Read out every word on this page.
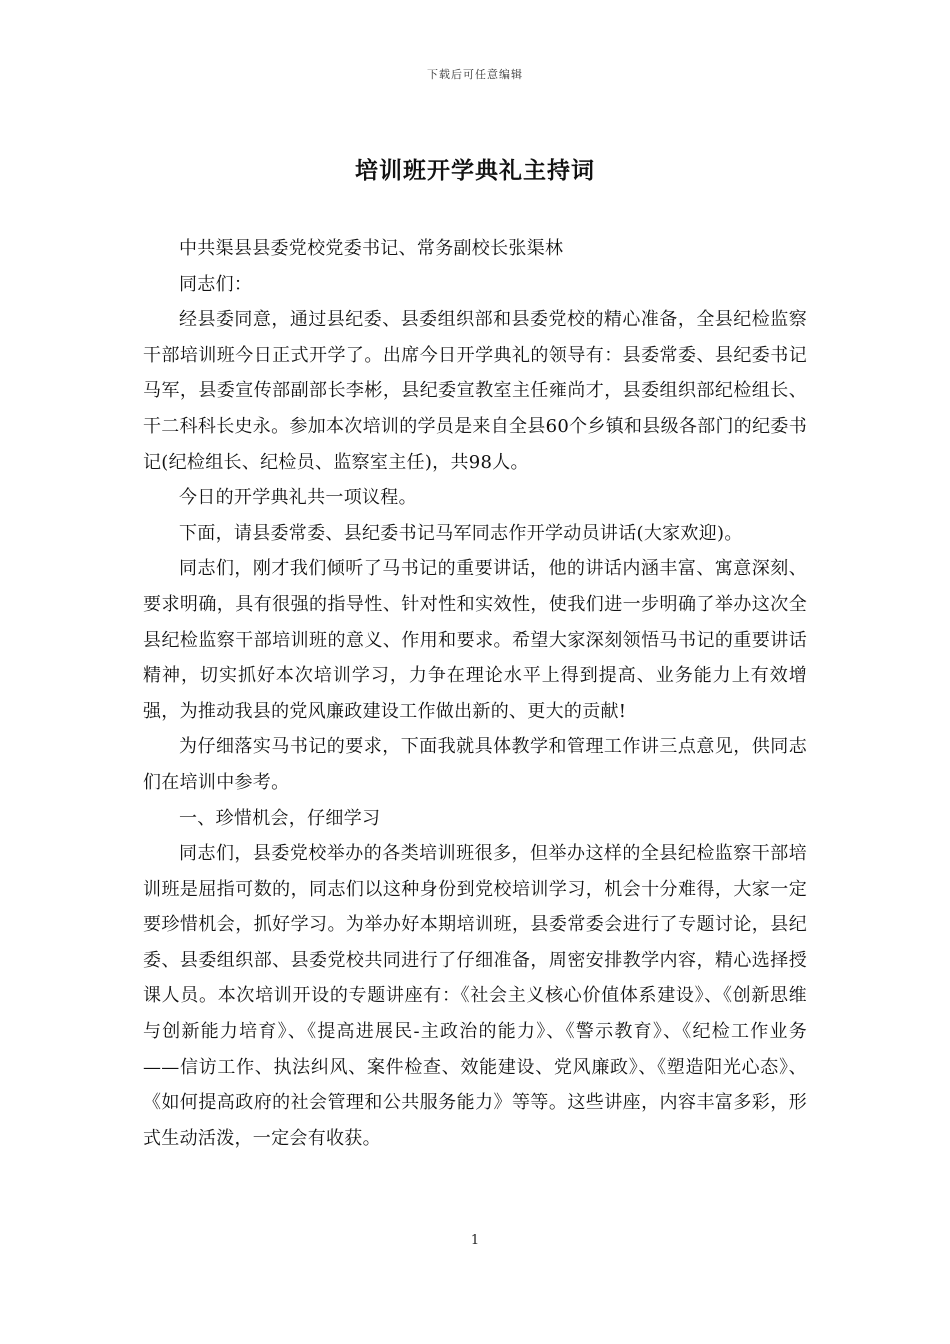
下载后可任意编辑
培训班开学典礼主持词

中共渠县县委党校党委书记、常务副校长张渠林

同志们：

经县委同意，通过县纪委、县委组织部和县委党校的精心准备，全县纪检监察干部培训班今日正式开学了。出席今日开学典礼的领导有：县委常委、县纪委书记马军，县委宣传部副部长李彬，县纪委宣教室主任雍尚才，县委组织部纪检组长、干二科科长史永。参加本次培训的学员是来自全县60个乡镇和县级各部门的纪委书记(纪检组长、纪检员、监察室主任)，共98人。

今日的开学典礼共一项议程。

下面，请县委常委、县纪委书记马军同志作开学动员讲话(大家欢迎)。

同志们，刚才我们倾听了马书记的重要讲话，他的讲话内涵丰富、寓意深刻、要求明确，具有很强的指导性、针对性和实效性，使我们进一步明确了举办这次全县纪检监察干部培训班的意义、作用和要求。希望大家深刻领悟马书记的重要讲话精神，切实抓好本次培训学习，力争在理论水平上得到提高、业务能力上有效增强，为推动我县的党风廉政建设工作做出新的、更大的贡献!

为仔细落实马书记的要求，下面我就具体教学和管理工作讲三点意见，供同志们在培训中参考。

一、珍惜机会，仔细学习

同志们，县委党校举办的各类培训班很多，但举办这样的全县纪检监察干部培训班是屈指可数的，同志们以这种身份到党校培训学习，机会十分难得，大家一定要珍惜机会，抓好学习。为举办好本期培训班，县委常委会进行了专题讨论，县纪委、县委组织部、县委党校共同进行了仔细准备，周密安排教学内容，精心选择授课人员。本次培训开设的专题讲座有：《社会主义核心价值体系建设》、《创新思维与创新能力培育》、《提高进展民-主政治的能力》、《警示教育》、《纪检工作业务——信访工作、执法纠风、案件检查、效能建设、党风廉政》、《塑造阳光心态》、《如何提高政府的社会管理和公共服务能力》等等。这些讲座，内容丰富多彩，形式生动活泼，一定会有收获。

1
